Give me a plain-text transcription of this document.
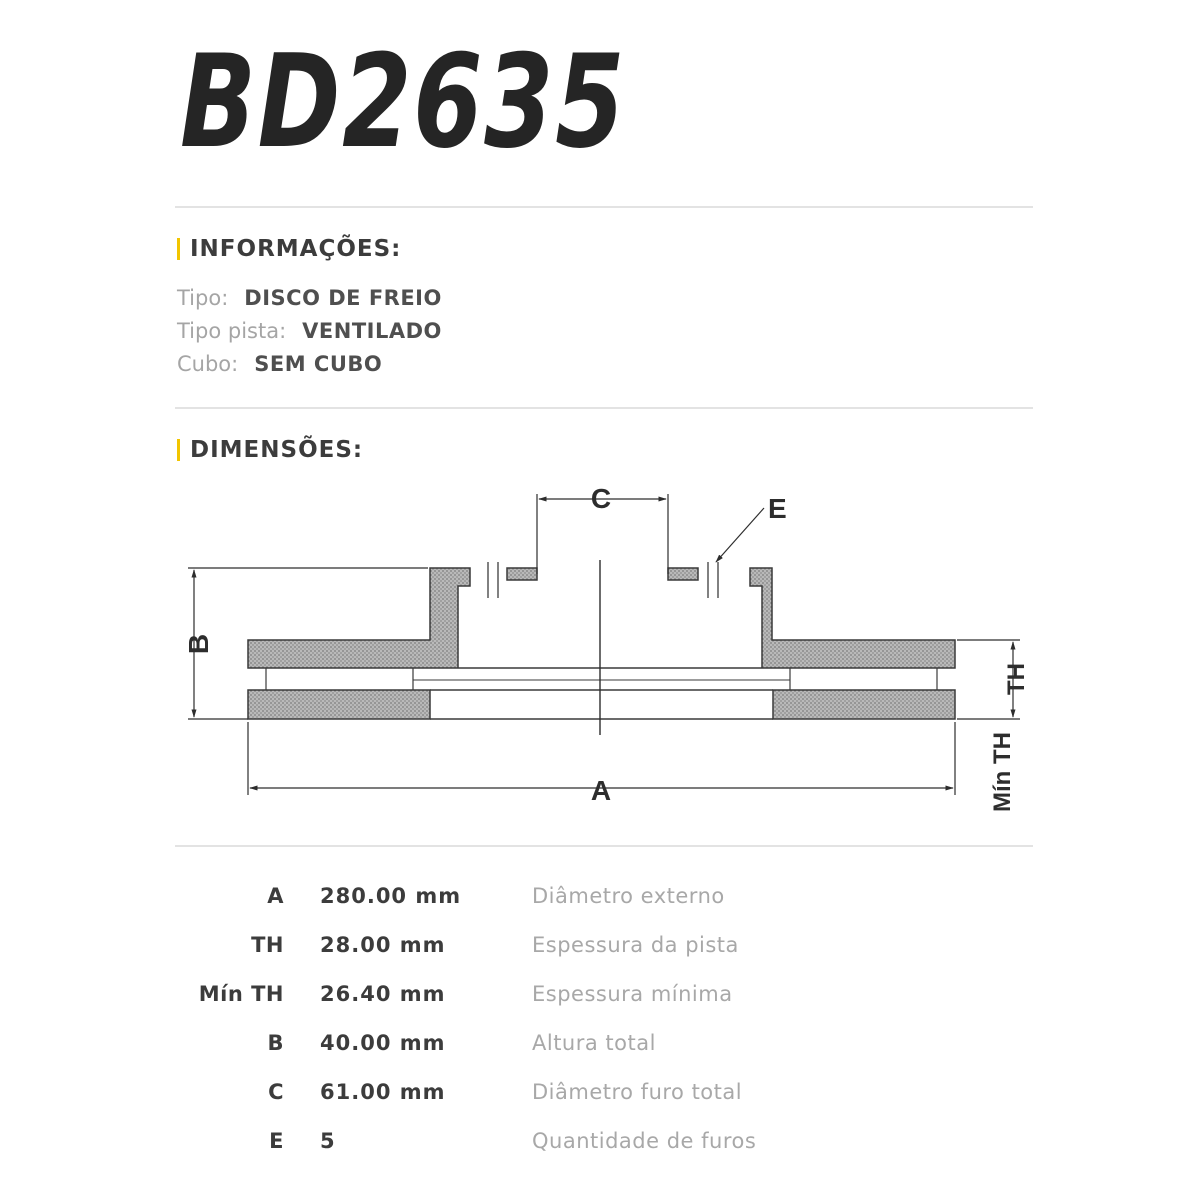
BD2635
INFORMAÇÕES:
Tipo: DISCO DE FREIO
Tipo pista: VENTILADO
Cubo: SEM CUBO
DIMENSÕES:
A
B
C	E
TH
Mín TH
A 280.00 mm	Diâmetro externo
TH 28.00 mm	Espessura da pista
Mín TH 26.40 mm	Espessura mínima
B 40.00 mm	Altura total
C 61.00 mm	Diâmetro furo total
E 5	Quantidade de furos
